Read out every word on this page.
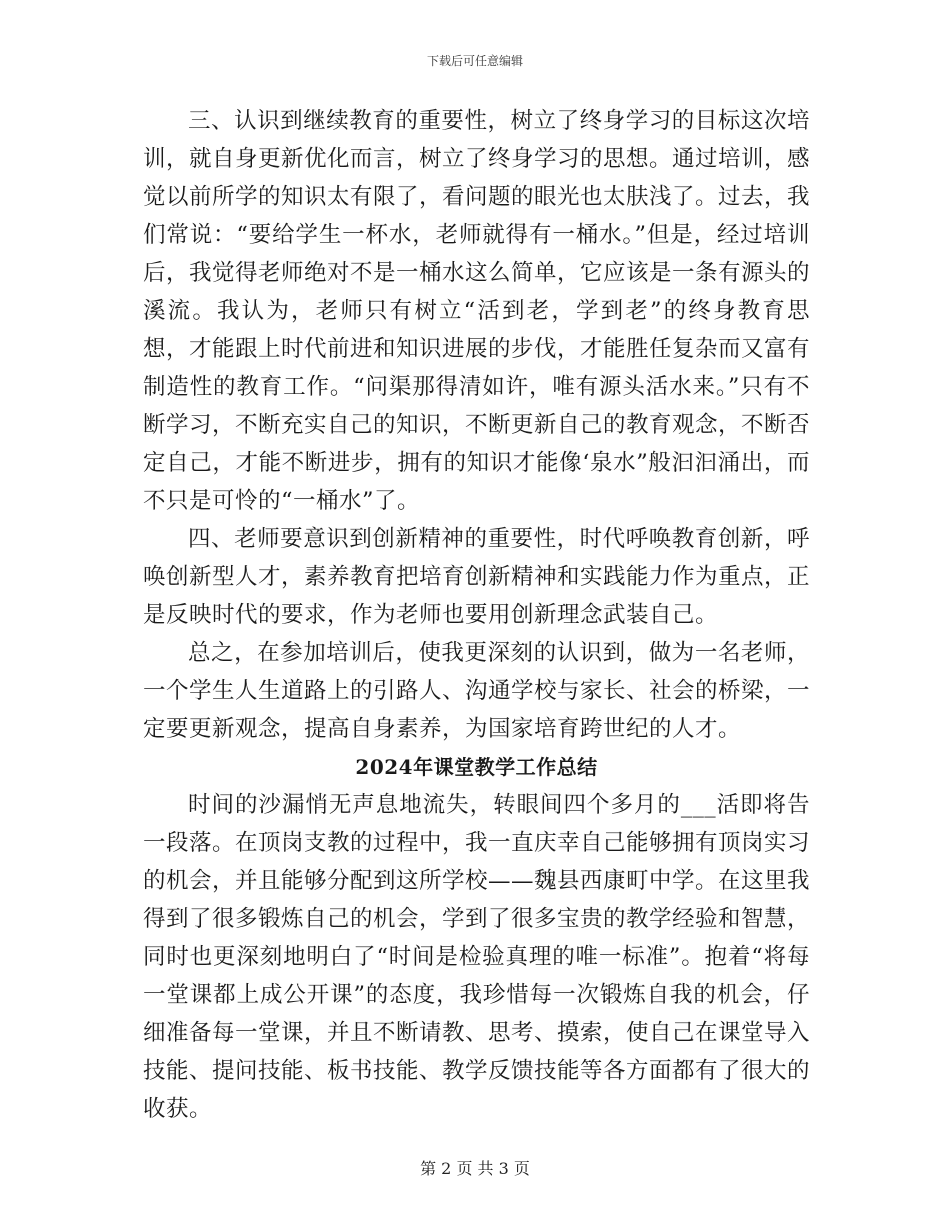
下载后可任意编辑

三、认识到继续教育的重要性，树立了终身学习的目标这次培训，就自身更新优化而言，树立了终身学习的思想。通过培训，感觉以前所学的知识太有限了，看问题的眼光也太肤浅了。过去，我们常说：“要给学生一杯水，老师就得有一桶水。”但是，经过培训后，我觉得老师绝对不是一桶水这么简单，它应该是一条有源头的溪流。我认为，老师只有树立“活到老，学到老”的终身教育思想，才能跟上时代前进和知识进展的步伐，才能胜任复杂而又富有制造性的教育工作。“问渠那得清如许，唯有源头活水来。”只有不断学习，不断充实自己的知识，不断更新自己的教育观念，不断否定自己，才能不断进步，拥有的知识才能像‘泉水”般汩汩涌出，而不只是可怜的“一桶水”了。

四、老师要意识到创新精神的重要性，时代呼唤教育创新，呼唤创新型人才，素养教育把培育创新精神和实践能力作为重点，正是反映时代的要求，作为老师也要用创新理念武装自己。

总之，在参加培训后，使我更深刻的认识到，做为一名老师，一个学生人生道路上的引路人、沟通学校与家长、社会的桥梁，一定要更新观念，提高自身素养，为国家培育跨世纪的人才。

2024年课堂教学工作总结

时间的沙漏悄无声息地流失，转眼间四个多月的___活即将告一段落。在顶岗支教的过程中，我一直庆幸自己能够拥有顶岗实习的机会，并且能够分配到这所学校——魏县西康町中学。在这里我得到了很多锻炼自己的机会，学到了很多宝贵的教学经验和智慧，同时也更深刻地明白了“时间是检验真理的唯一标准”。抱着“将每一堂课都上成公开课”的态度，我珍惜每一次锻炼自我的机会，仔细准备每一堂课，并且不断请教、思考、摸索，使自己在课堂导入技能、提问技能、板书技能、教学反馈技能等各方面都有了很大的收获。

第 2 页 共 3 页
